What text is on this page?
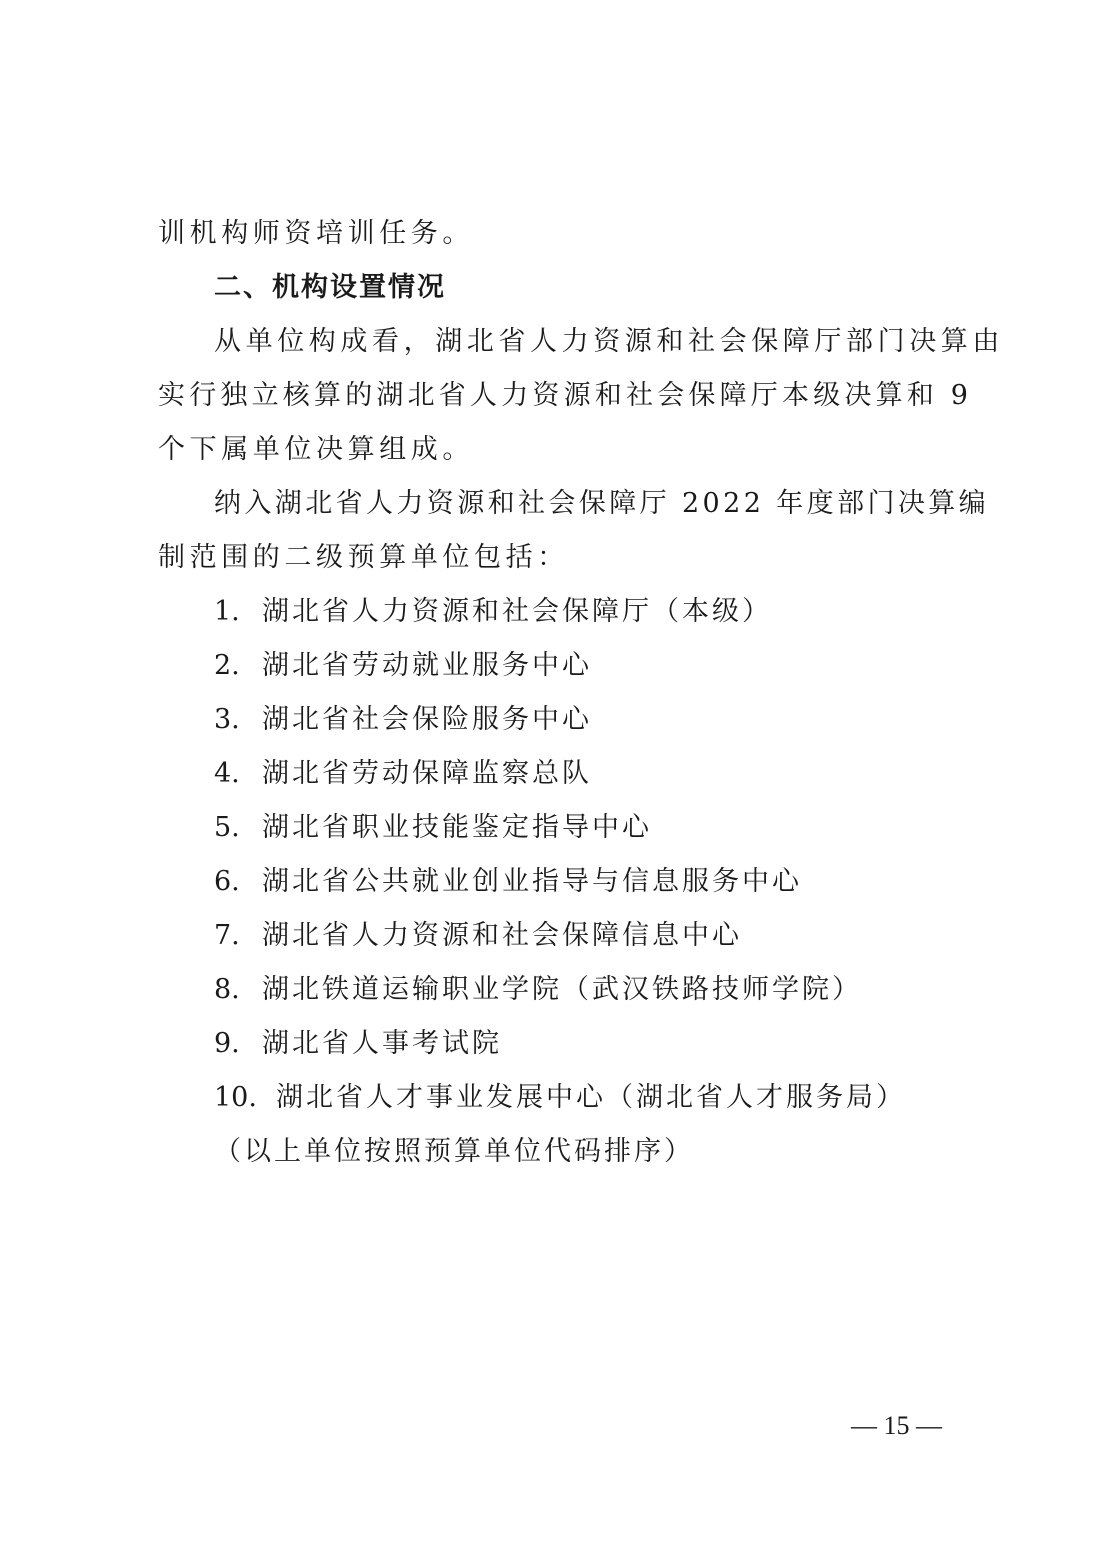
训机构师资培训任务。
二、机构设置情况
从单位构成看，湖北省人力资源和社会保障厅部门决算由
实行独立核算的湖北省人力资源和社会保障厅本级决算和 9
个下属单位决算组成。
纳入湖北省人力资源和社会保障厅 2022 年度部门决算编
制范围的二级预算单位包括：
1. 湖北省人力资源和社会保障厅（本级）
2. 湖北省劳动就业服务中心
3. 湖北省社会保险服务中心
4. 湖北省劳动保障监察总队
5. 湖北省职业技能鉴定指导中心
6. 湖北省公共就业创业指导与信息服务中心
7. 湖北省人力资源和社会保障信息中心
8. 湖北铁道运输职业学院（武汉铁路技师学院）
9. 湖北省人事考试院
10. 湖北省人才事业发展中心（湖北省人才服务局）
（以上单位按照预算单位代码排序）
— 15 —
